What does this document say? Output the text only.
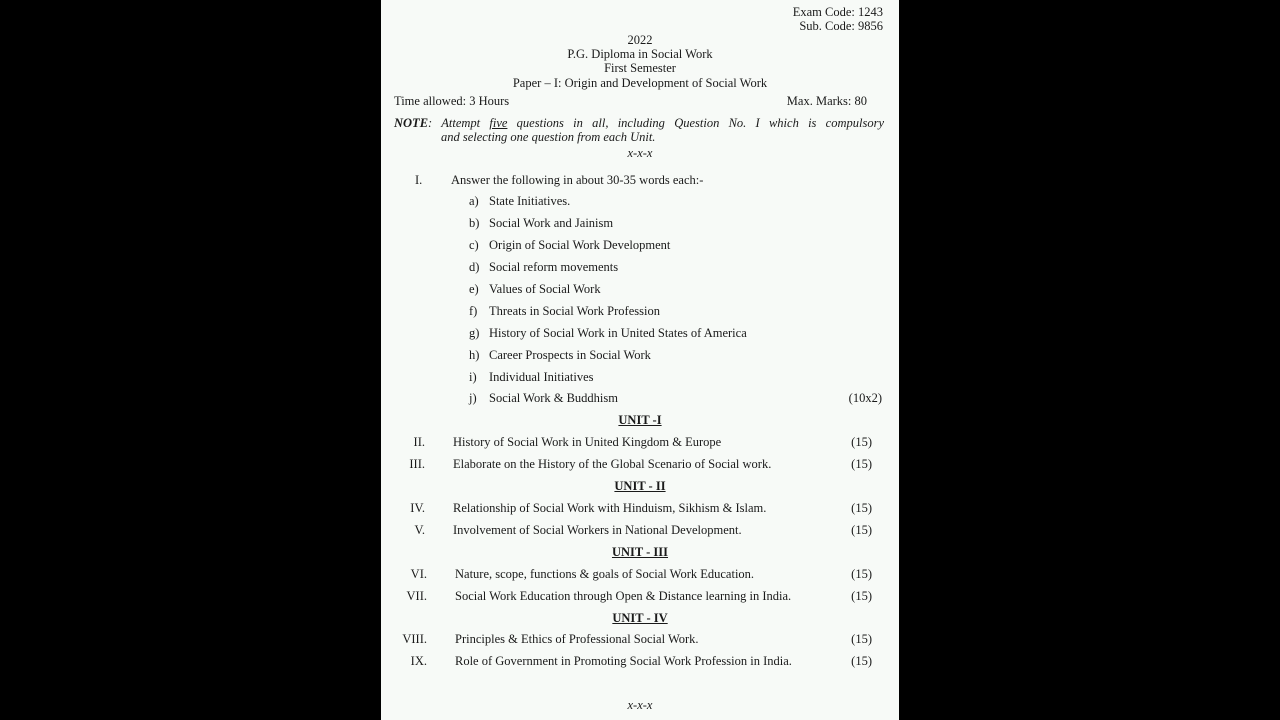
Exam Code: 1243
Sub. Code: 9856
2022
P.G. Diploma in Social Work
First Semester
Paper – I: Origin and Development of Social Work
Time allowed: 3 Hours	Max. Marks: 80
NOTE: Attempt five questions in all, including Question No. I which is compulsory
and selecting one question from each Unit.
x-x-x
I. Answer the following in about 30-35 words each:-
a) State Initiatives.
b) Social Work and Jainism
c) Origin of Social Work Development
d) Social reform movements
e) Values of Social Work
f) Threats in Social Work Profession
g) History of Social Work in United States of America
h) Career Prospects in Social Work
i) Individual Initiatives
j) Social Work & Buddhism	(10x2)
UNIT -I
II. History of Social Work in United Kingdom & Europe	(15)
III. Elaborate on the History of the Global Scenario of Social work.	(15)
UNIT - II
IV. Relationship of Social Work with Hinduism, Sikhism & Islam.	(15)
V. Involvement of Social Workers in National Development.	(15)
UNIT - III
VI. Nature, scope, functions & goals of Social Work Education.	(15)
VII. Social Work Education through Open & Distance learning in India.	(15)
UNIT - IV
VIII. Principles & Ethics of Professional Social Work.	(15)
IX. Role of Government in Promoting Social Work Profession in India.	(15)
x-x-x
